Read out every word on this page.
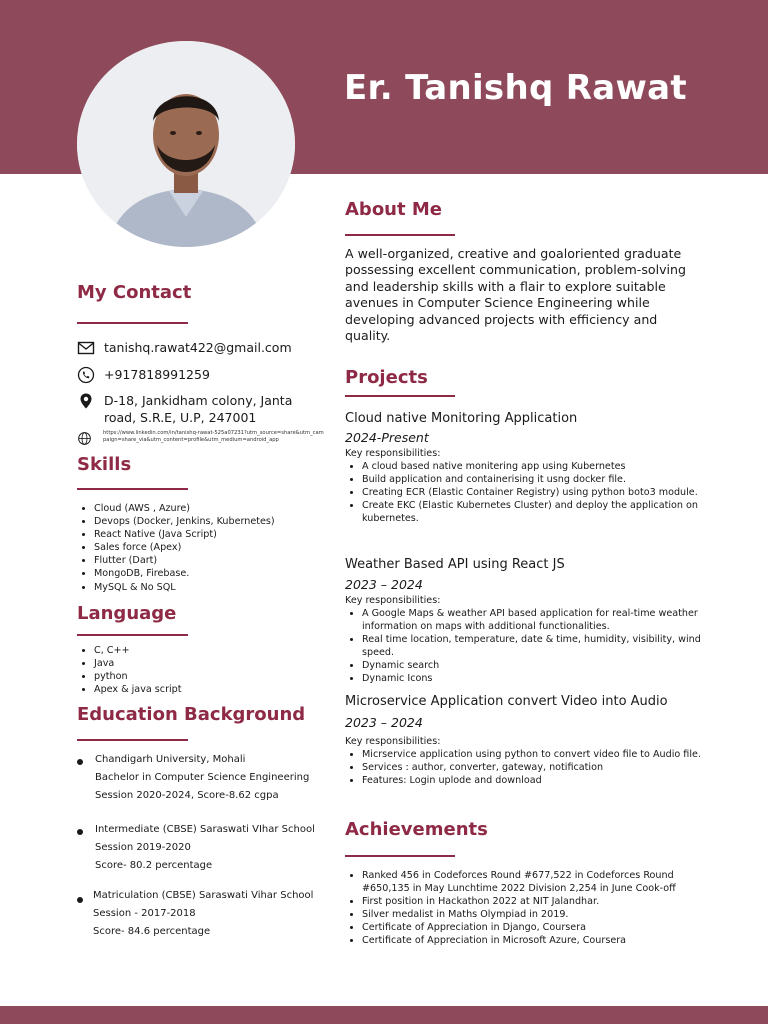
Er. Tanishq Rawat
About Me
A well-organized, creative and goaloriented graduate possessing excellent communication, problem-solving and leadership skills with a flair to explore suitable avenues in Computer Science Engineering while developing advanced projects with efficiency and quality.
My Contact
tanishq.rawat422@gmail.com
+917818991259
D-18, Jankidham colony, Janta road, S.R.E, U.P, 247001
https://www.linkedin.com/in/tanishq-rawat-525a07231?utm_source=share&utm_campaign=share_via&utm_content=profile&utm_medium=android_app
Skills
• Cloud (AWS , Azure)
• Devops (Docker, Jenkins, Kubernetes)
• React Native (Java Script)
• Sales force (Apex)
• Flutter (Dart)
• MongoDB, Firebase.
• MySQL & No SQL
Language
• C, C++
• Java
• python
• Apex & java script
Education Background
Chandigarh University, Mohali
Bachelor in Computer Science Engineering
Session 2020-2024, Score-8.62 cgpa
Intermediate (CBSE) Saraswati VIhar School
Session 2019-2020
Score- 80.2 percentage
Matriculation (CBSE) Saraswati Vihar School
Session - 2017-2018
Score- 84.6 percentage
Projects
Cloud native Monitoring Application
2024-Present
Key responsibilities:
• A cloud based native monitering app using Kubernetes
• Build application and containerising it usng docker file.
• Creating ECR (Elastic Container Registry) using python boto3 module.
• Create EKC (Elastic Kubernetes Cluster) and deploy the application on kubernetes.
Weather Based API using React JS
2023 – 2024
Key responsibilities:
• A Google Maps & weather API based application for real-time weather information on maps with additional functionalities.
• Real time location, temperature, date & time, humidity, visibility, wind speed.
• Dynamic search
• Dynamic Icons
Microservice Application convert Video into Audio
2023 – 2024
Key responsibilities:
• Micrservice application using python to convert video file to Audio file.
• Services : author, converter, gateway, notification
• Features: Login uplode and download
Achievements
• Ranked 456 in Codeforces Round #677,522 in Codeforces Round #650,135 in May Lunchtime 2022 Division 2,254 in June Cook-off
• First position in Hackathon 2022 at NIT Jalandhar.
• Silver medalist in Maths Olympiad in 2019.
• Certificate of Appreciation in Django, Coursera
• Certificate of Appreciation in Microsoft Azure, Coursera
